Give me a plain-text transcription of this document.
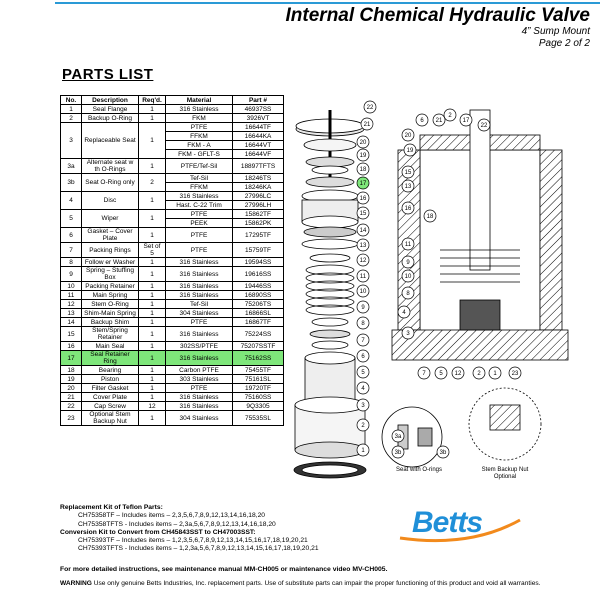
Internal Chemical Hydraulic Valve
4” Sump Mount
Page 2 of 2
PARTS LIST
No.	Description	Req'd.	Material	Part #
1	Seal Flange	1	316 Stainless	46937SS
2	Backup O-Ring	1	FKM	3926VT
3	Replaceable Seat	1	PTFE	16644TF
			FFKM	16644KA
			FKM - A	16644VT
			FKM - GFLT-S	16644VF
3a	Alternate seat w th O-Rings	1	PTFE/Tef-Sil	18897TFTS
3b	Seat O-Ring only	2	Tef-Sil	18246TS
			FFKM	18246KA
4	Disc	1	316 Stainless	27996LC
			Hast. C-22 Trim	27996LH
5	Wiper	1	PTFE	15862TF
			PEEK	15862PK
6	Gasket – Cover Plate	1	PTFE	17295TF
7	Packing Rings	Set of 5	PTFE	15759TF
8	Follow er Washer	1	316 Stainless	19594SS
9	Spring – Stuffing Box	1	316 Stainless	19616SS
10	Packing Retainer	1	316 Stainless	19446SS
11	Main Spring	1	316 Stainless	16890SS
12	Stem O-Ring	1	Tef-Sil	75206TS
13	Shim-Main Spring	1	304 Stainless	16866SL
14	Backup Shim	1	PTFE	16867TF
15	Stem/Spring Retainer	1	316 Stainless	75224SS
16	Main Seal	1	302SS/PTFE	75207SSTF
17	Seal Retainer Ring	1	316 Stainless	75162SS
18	Bearing	1	Carbon PTFE	75455TF
19	Piston	1	303 Stainless	75161SL
20	Filter Gasket	1	PTFE	19720TF
21	Cover Plate	1	316 Stainless	75160SS
22	Cap Screw	12	316 Stainless	9Q3305
23	Optional Stem Backup Nut	1	304 Stainless	75535SL
Replacement Kit of Teflon Parts:
CH75358TF – Includes items – 2,3,5,6,7,8,9,12,13,14,16,18,20
CH75358TFTS - Includes items – 2,3a,5,6,7,8,9,12,13,14,16,18,20
Conversion Kit to Convert from CH45843SST to CH47003SST:
CH75393TF – Includes items – 1,2,3,5,6,7,8,9,12,13,14,15,16,17,18,19,20,21
CH75393TFTS - Includes items – 1,2,3a,5,6,7,8,9,12,13,14,15,16,17,18,19,20,21
For more detailed instructions, see maintenance manual MM-CH005 or maintenance video MV-CH005.
WARNING Use only genuine Betts Industries, Inc. replacement parts. Use of substitute parts can impair the proper functioning of this product and void all warranties.
Betts
22
21
20
19
18
17
16
15
14
13
12
11
10
9
8
7
6
5
4
3
2
1
20
19
15
13
16
11
9
10
8
4
3
6 21
2
17
22
18
7 5 12	2 1 23
3a
3b	3b
Seat with O-rings	Stem Backup Nut Optional
